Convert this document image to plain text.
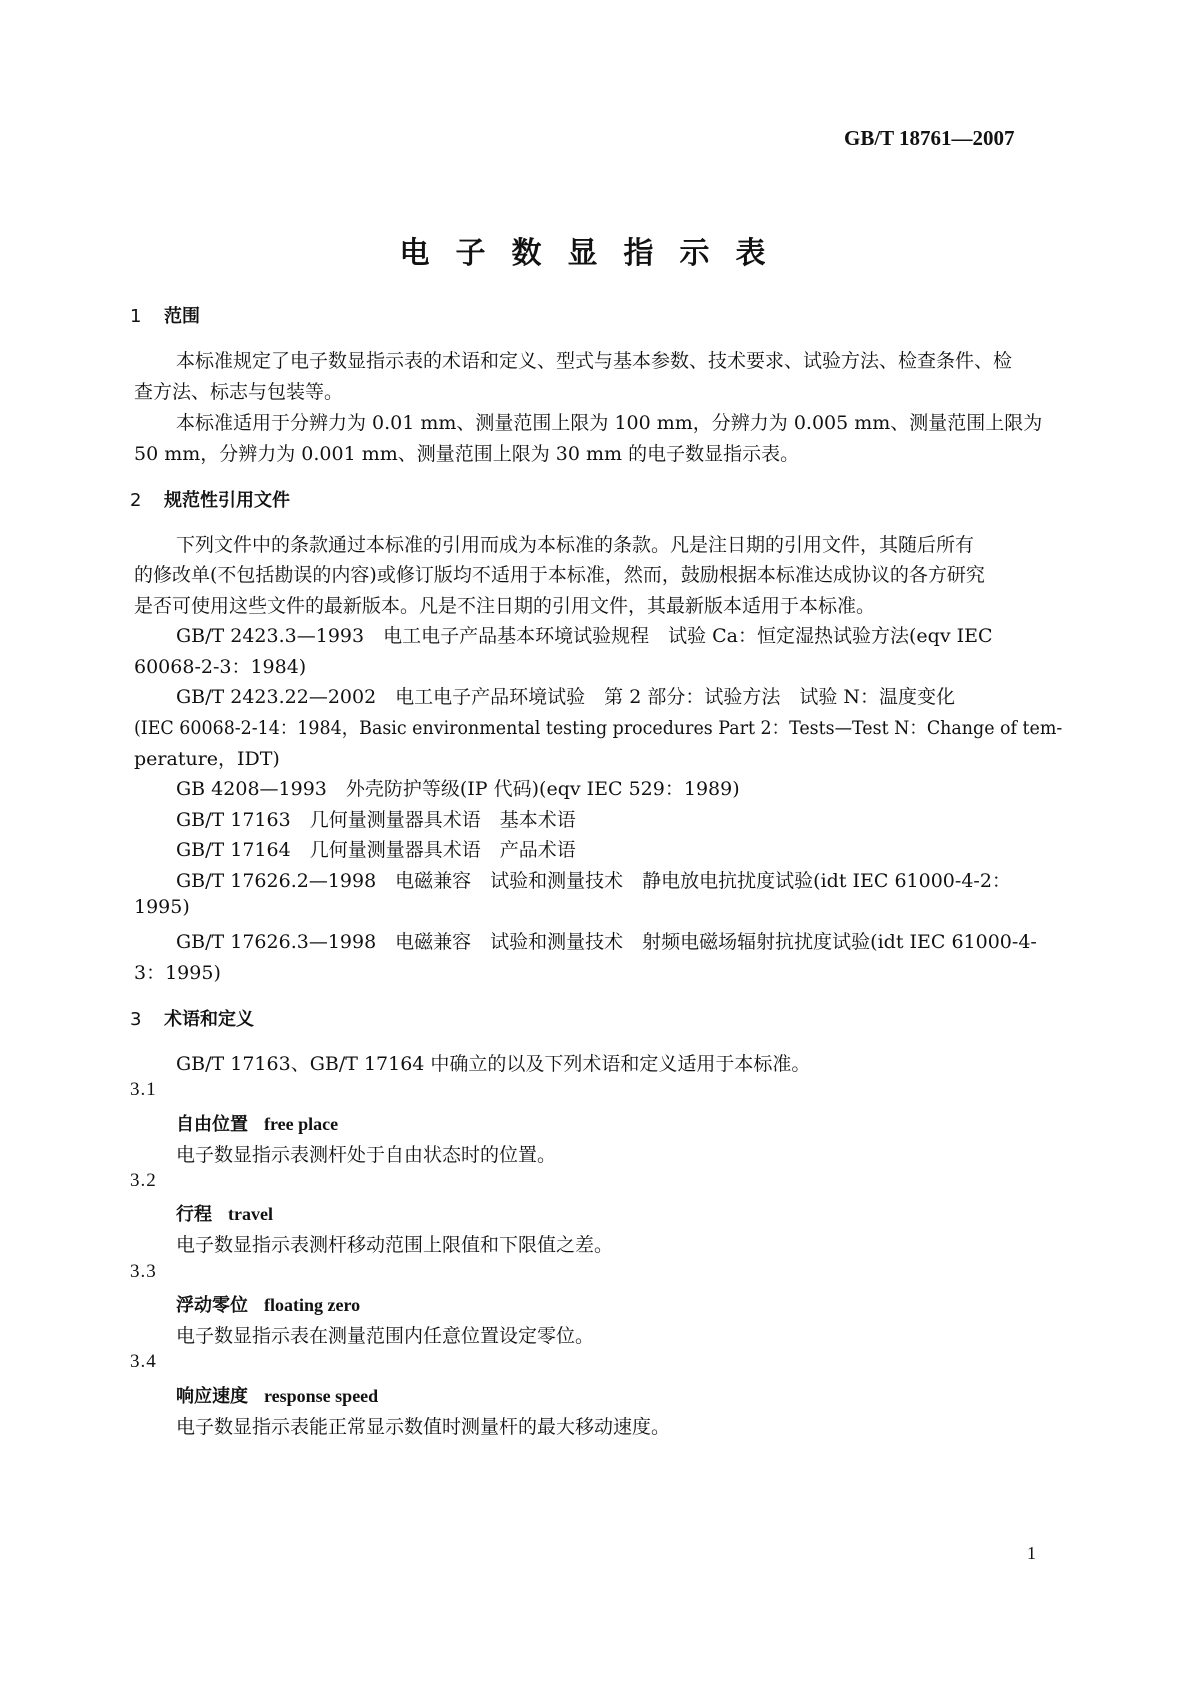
GB/T 18761—2007
电子数显指示表
1 范围
本标准规定了电子数显指示表的术语和定义、型式与基本参数、技术要求、试验方法、检查条件、检
查方法、标志与包装等。
本标准适用于分辨力为 0.01 mm、测量范围上限为 100 mm，分辨力为 0.005 mm、测量范围上限为
50 mm，分辨力为 0.001 mm、测量范围上限为 30 mm 的电子数显指示表。
2 规范性引用文件
下列文件中的条款通过本标准的引用而成为本标准的条款。凡是注日期的引用文件，其随后所有
的修改单(不包括勘误的内容)或修订版均不适用于本标准，然而，鼓励根据本标准达成协议的各方研究
是否可使用这些文件的最新版本。凡是不注日期的引用文件，其最新版本适用于本标准。
GB/T 2423.3—1993　电工电子产品基本环境试验规程　试验 Ca：恒定湿热试验方法(eqv IEC
60068-2-3：1984)
GB/T 2423.22—2002　电工电子产品环境试验　第 2 部分：试验方法　试验 N：温度变化
(IEC 60068-2-14：1984，Basic environmental testing procedures Part 2：Tests—Test N：Change of tem-
perature，IDT)
GB 4208—1993　外壳防护等级(IP 代码)(eqv IEC 529：1989)
GB/T 17163　几何量测量器具术语　基本术语
GB/T 17164　几何量测量器具术语　产品术语
GB/T 17626.2—1998　电磁兼容　试验和测量技术　静电放电抗扰度试验(idt IEC 61000-4-2：
1995)
GB/T 17626.3—1998　电磁兼容　试验和测量技术　射频电磁场辐射抗扰度试验(idt IEC 61000-4-
3：1995)
3 术语和定义
GB/T 17163、GB/T 17164 中确立的以及下列术语和定义适用于本标准。
3.1
自由位置 free place
电子数显指示表测杆处于自由状态时的位置。
3.2
行程 travel
电子数显指示表测杆移动范围上限值和下限值之差。
3.3
浮动零位 floating zero
电子数显指示表在测量范围内任意位置设定零位。
3.4
响应速度 response speed
电子数显指示表能正常显示数值时测量杆的最大移动速度。
1
